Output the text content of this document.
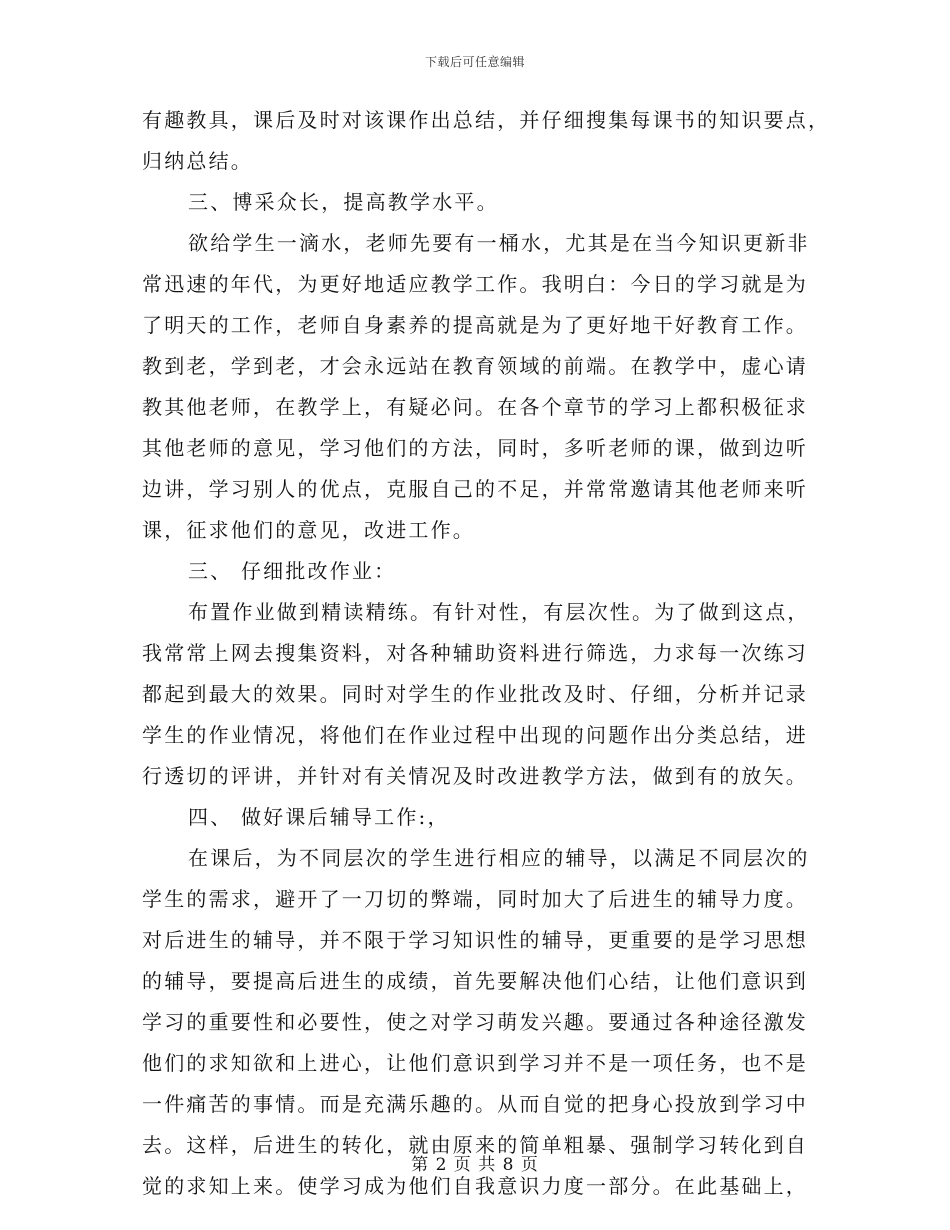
下载后可任意编辑
有趣教具，课后及时对该课作出总结，并仔细搜集每课书的知识要点，
归纳总结。
三、博采众长，提高教学水平。
欲给学生一滴水，老师先要有一桶水，尤其是在当今知识更新非
常迅速的年代，为更好地适应教学工作。我明白：今日的学习就是为
了明天的工作，老师自身素养的提高就是为了更好地干好教育工作。
教到老，学到老，才会永远站在教育领域的前端。在教学中，虚心请
教其他老师，在教学上，有疑必问。在各个章节的学习上都积极征求
其他老师的意见，学习他们的方法，同时，多听老师的课，做到边听
边讲，学习别人的优点，克服自己的不足，并常常邀请其他老师来听
课，征求他们的意见，改进工作。
三、 仔细批改作业：
布置作业做到精读精练。有针对性，有层次性。为了做到这点，
我常常上网去搜集资料，对各种辅助资料进行筛选，力求每一次练习
都起到最大的效果。同时对学生的作业批改及时、仔细，分析并记录
学生的作业情况，将他们在作业过程中出现的问题作出分类总结，进
行透切的评讲，并针对有关情况及时改进教学方法，做到有的放矢。
四、 做好课后辅导工作:，
在课后，为不同层次的学生进行相应的辅导，以满足不同层次的
学生的需求，避开了一刀切的弊端，同时加大了后进生的辅导力度。
对后进生的辅导，并不限于学习知识性的辅导，更重要的是学习思想
的辅导，要提高后进生的成绩，首先要解决他们心结，让他们意识到
学习的重要性和必要性，使之对学习萌发兴趣。要通过各种途径激发
他们的求知欲和上进心，让他们意识到学习并不是一项任务，也不是
一件痛苦的事情。而是充满乐趣的。从而自觉的把身心投放到学习中
去。这样，后进生的转化，就由原来的简单粗暴、强制学习转化到自
觉的求知上来。使学习成为他们自我意识力度一部分。在此基础上，
第 2 页 共 8 页
